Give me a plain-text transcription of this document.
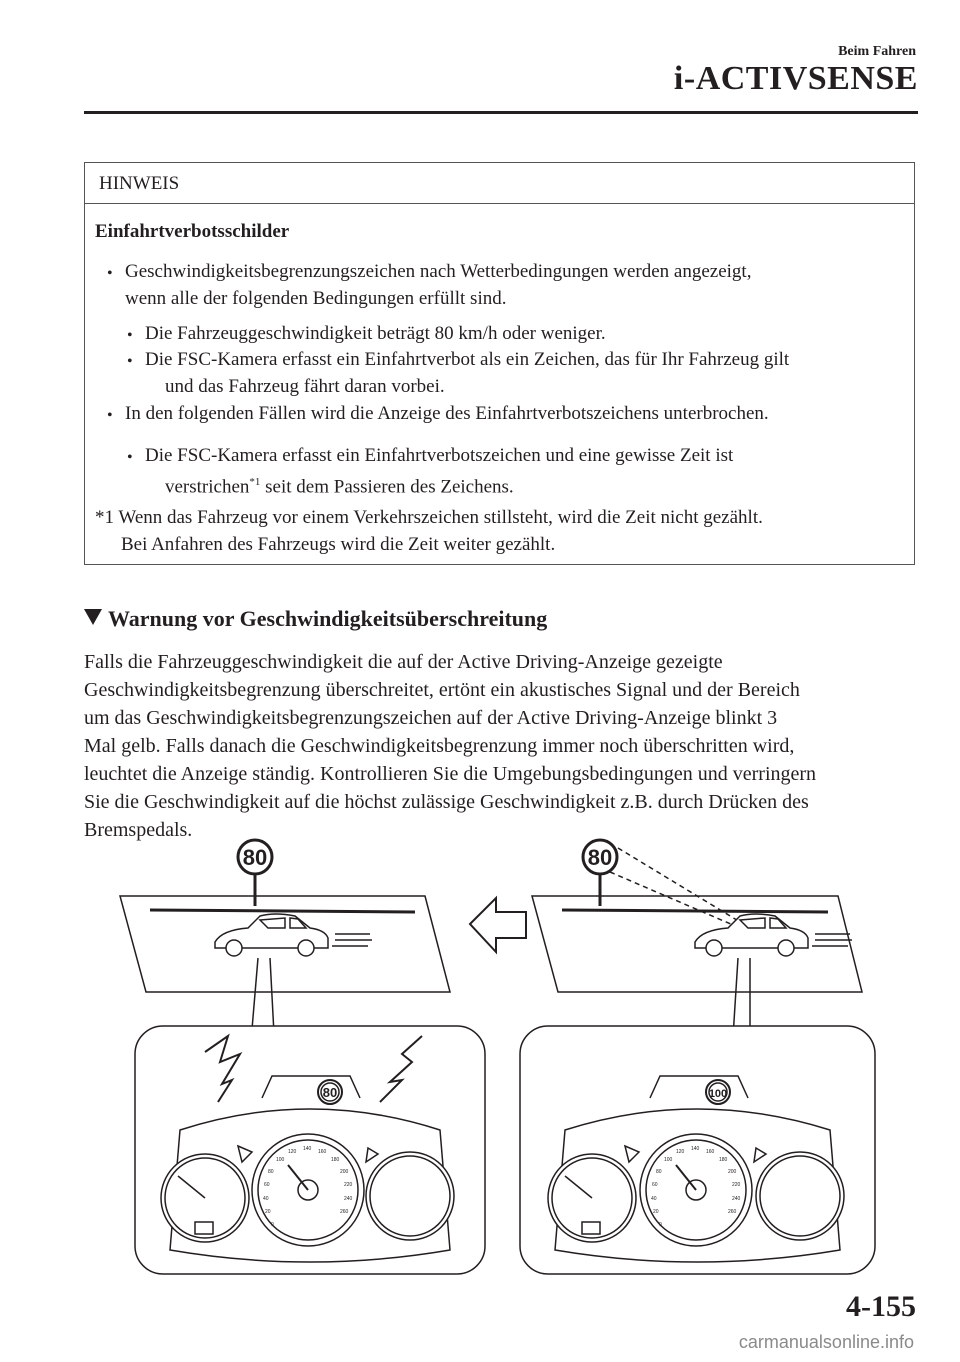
Beim Fahren
i-ACTIVSENSE
HINWEIS
Einfahrtverbotsschilder
• Geschwindigkeitsbegrenzungszeichen nach Wetterbedingungen werden angezeigt,
wenn alle der folgenden Bedingungen erfüllt sind.
• Die Fahrzeuggeschwindigkeit beträgt 80 km/h oder weniger.
• Die FSC-Kamera erfasst ein Einfahrtverbot als ein Zeichen, das für Ihr Fahrzeug gilt
und das Fahrzeug fährt daran vorbei.
• In den folgenden Fällen wird die Anzeige des Einfahrtverbotszeichens unterbrochen.
• Die FSC-Kamera erfasst ein Einfahrtverbotszeichen und eine gewisse Zeit ist
verstrichen$^{*1}$ seit dem Passieren des Zeichens.
*1 Wenn das Fahrzeug vor einem Verkehrszeichen stillsteht, wird die Zeit nicht gezählt.
Bei Anfahren des Fahrzeugs wird die Zeit weiter gezählt.
Warnung vor Geschwindigkeitsüberschreitung
Falls die Fahrzeuggeschwindigkeit die auf der Active Driving-Anzeige gezeigte
Geschwindigkeitsbegrenzung überschreitet, ertönt ein akustisches Signal und der Bereich
um das Geschwindigkeitsbegrenzungszeichen auf der Active Driving-Anzeige blinkt 3
Mal gelb. Falls danach die Geschwindigkeitsbegrenzung immer noch überschritten wird,
leuchtet die Anzeige ständig. Kontrollieren Sie die Umgebungsbedingungen und verringern
Sie die Geschwindigkeit auf die höchst zulässige Geschwindigkeit z.B. durch Drücken des
Bremspedals.
80	80
80	100
0
20
40
60
80
100
120 140 160
180
200
220
240
260
0
20
40
60
80
100
120 140 160
180
200
220
240
260
4-155
carmanualsonline.info
